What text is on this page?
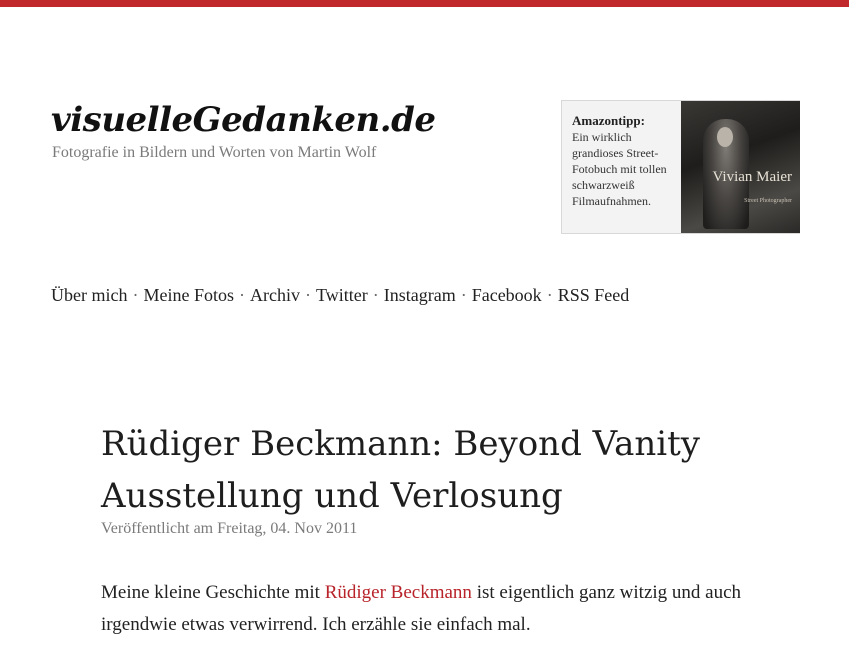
visuelleGedanken.de
Fotografie in Bildern und Worten von Martin Wolf
Amazontipp:
Ein wirklich grandioses Street-Fotobuch mit tollen schwarzweiß Filmaufnahmen.
Vivian Maier
Street Photographer
Über mich · Meine Fotos · Archiv · Twitter · Instagram · Facebook · RSS Feed
Rüdiger Beckmann: Beyond Vanity Ausstellung und Verlosung
Veröffentlicht am Freitag, 04. Nov 2011

Meine kleine Geschichte mit Rüdiger Beckmann ist eigentlich ganz witzig und auch irgendwie etwas verwirrend. Ich erzähle sie einfach mal.
